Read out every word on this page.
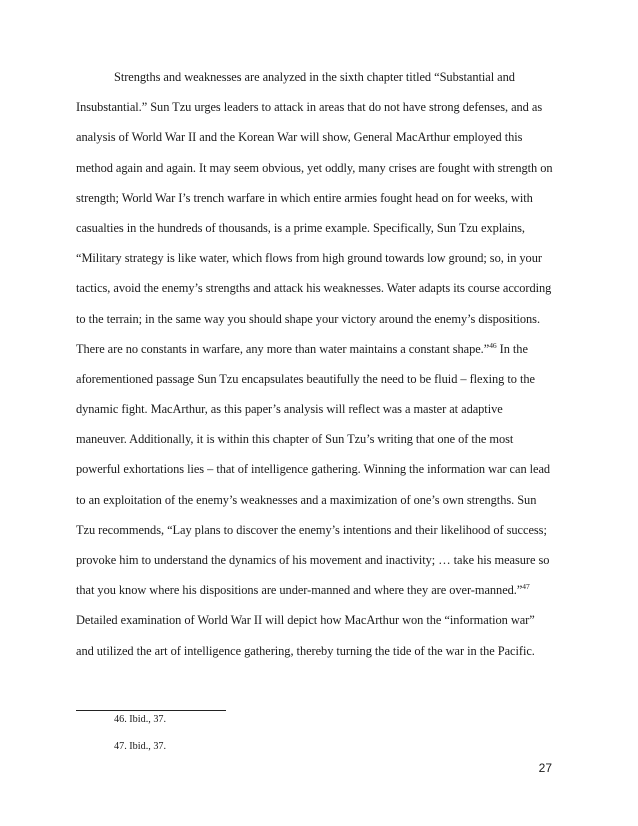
Strengths and weaknesses are analyzed in the sixth chapter titled “Substantial and
Insubstantial.” Sun Tzu urges leaders to attack in areas that do not have strong defenses, and as
analysis of World War II and the Korean War will show, General MacArthur employed this
method again and again. It may seem obvious, yet oddly, many crises are fought with strength on
strength; World War I’s trench warfare in which entire armies fought head on for weeks, with
casualties in the hundreds of thousands, is a prime example. Specifically, Sun Tzu explains,
“Military strategy is like water, which flows from high ground towards low ground; so, in your
tactics, avoid the enemy’s strengths and attack his weaknesses. Water adapts its course according
to the terrain; in the same way you should shape your victory around the enemy’s dispositions.
There are no constants in warfare, any more than water maintains a constant shape.”$^{46}$ In the
aforementioned passage Sun Tzu encapsulates beautifully the need to be fluid – flexing to the
dynamic fight. MacArthur, as this paper’s analysis will reflect was a master at adaptive
maneuver. Additionally, it is within this chapter of Sun Tzu’s writing that one of the most
powerful exhortations lies – that of intelligence gathering. Winning the information war can lead
to an exploitation of the enemy’s weaknesses and a maximization of one’s own strengths. Sun
Tzu recommends, “Lay plans to discover the enemy’s intentions and their likelihood of success;
provoke him to understand the dynamics of his movement and inactivity; … take his measure so
that you know where his dispositions are under-manned and where they are over-manned.”$^{47}$
Detailed examination of World War II will depict how MacArthur won the “information war”
and utilized the art of intelligence gathering, thereby turning the tide of the war in the Pacific.
46. Ibid., 37.
47. Ibid., 37.
27
